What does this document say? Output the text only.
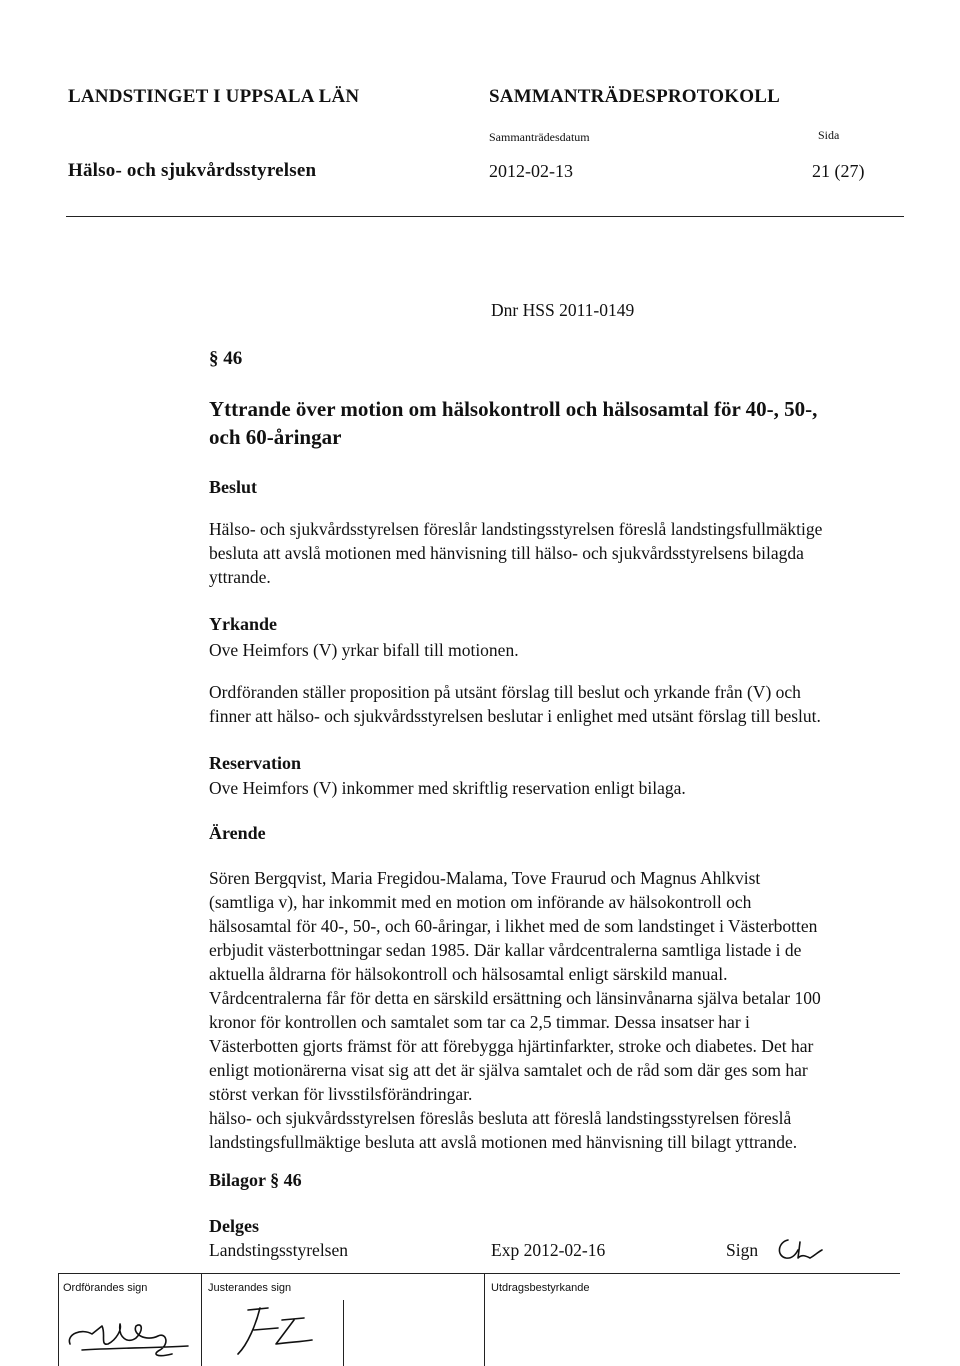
LANDSTINGET I UPPSALA LÄN	SAMMANTRÄDESPROTOKOLL
Sammanträdesdatum	Sida
Hälso- och sjukvårdsstyrelsen	2012-02-13	21 (27)
Dnr HSS 2011-0149
§ 46
Yttrande över motion om hälsokontroll och hälsosamtal för 40-, 50-,
och 60-åringar
Beslut
Hälso- och sjukvårdsstyrelsen föreslår landstingsstyrelsen föreslå landstingsfullmäktige
besluta att avslå motionen med hänvisning till hälso- och sjukvårdsstyrelsens bilagda
yttrande.
Yrkande
Ove Heimfors (V) yrkar bifall till motionen.
Ordföranden ställer proposition på utsänt förslag till beslut och yrkande från (V) och
finner att hälso- och sjukvårdsstyrelsen beslutar i enlighet med utsänt förslag till beslut.
Reservation
Ove Heimfors (V) inkommer med skriftlig reservation enligt bilaga.
Ärende
Sören Bergqvist, Maria Fregidou-Malama, Tove Fraurud och Magnus Ahlkvist
(samtliga v), har inkommit med en motion om införande av hälsokontroll och
hälsosamtal för 40-, 50-, och 60-åringar, i likhet med de som landstinget i Västerbotten
erbjudit västerbottningar sedan 1985. Där kallar vårdcentralerna samtliga listade i de
aktuella åldrarna för hälsokontroll och hälsosamtal enligt särskild manual.
Vårdcentralerna får för detta en särskild ersättning och länsinvånarna själva betalar 100
kronor för kontrollen och samtalet som tar ca 2,5 timmar. Dessa insatser har i
Västerbotten gjorts främst för att förebygga hjärtinfarkter, stroke och diabetes. Det har
enligt motionärerna visat sig att det är själva samtalet och de råd som där ges som har
störst verkan för livsstilsförändringar.
hälso- och sjukvårdsstyrelsen föreslås besluta att föreslå landstingsstyrelsen föreslå
landstingsfullmäktige besluta att avslå motionen med hänvisning till bilagt yttrande.
Bilagor § 46
Delges
Landstingsstyrelsen	Exp 2012-02-16	Sign
Ordförandes sign	Justerandes sign	Utdragsbestyrkande
